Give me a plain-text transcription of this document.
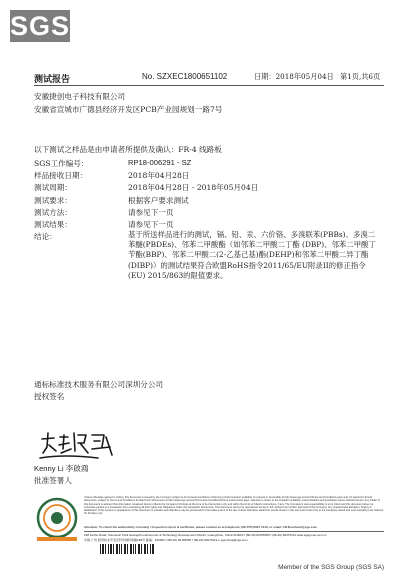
SGS
测试报告	No. SZXEC1800651102	日期：2018年05月04日 第1页,共6页
安徽捷创电子科技有限公司
安徽省宣城市广德县经济开发区PCB产业园规划一路7号
以下测试之样品是由申请者所提供及确认：FR-4 线路板
SGS工作编号：	RP18-006291 - SZ
样品接收日期：	2018年04月28日
测试周期：	2018年04月28日 - 2018年05月04日
测试要求：	根据客户要求测试
测试方法：	请参见下一页
测试结果：	请参见下一页
结论：	基于所送样品进行的测试，镉、铅、汞、六价铬、多溴联苯(PBBs)、多溴二苯醚(PBDEs)、邻苯二甲酸酯（如邻苯二甲酸二丁酯 (DBP)、邻苯二甲酸丁苄酯(BBP)、邻苯二甲酸二(2-乙基己基)酯(DEHP)和邻苯二甲酸二异丁酯(DIBP)）的测试结果符合欧盟RoHS指令2011/65/EU附录II的修正指令(EU) 2015/863的限值要求。
通标标准技术服务有限公司深圳分公司
授权签名
Kenny Li 李啟鴻
批准签署人
Unless otherwise agreed in writing, this document is issued by the Company subject to its General Conditions of Service printed overleaf, available on request or accessible at http://www.sgs.com/en/Terms-and-Conditions.aspx and, for electronic format documents, subject to Terms and Conditions for Electronic Documents at http://www.sgs.com/en/Terms-and-Conditions/Terms-e-Document.aspx. Attention is drawn to the limitation of liability, indemnification and jurisdiction issues defined therein. Any holder of this document is advised that information contained hereon reflects the Company's findings at the time of its intervention only and within the limits of Client's instructions, if any. The Company's sole responsibility is to its Client and this document does not exonerate parties to a transaction from exercising all their rights and obligations under the transaction documents. This document cannot be reproduced except in full, without prior written approval of the Company. Any unauthorized alteration, forgery or falsification of the content or appearance of this document is unlawful and offenders may be prosecuted to the fullest extent of the law. Unless otherwise stated the results shown in this test report refer only to the sample(s) tested and such sample(s) are retained for 30 days only.
Attention: To check the authenticity of testing / inspection report & certificate, please contact us at telephone: (86-755) 8307 1443, or email: CN.Doccheck@sgs.com
198 Kezhu Road, Scientech Park Guangzhou Economic & Technology Development District, Guangzhou, China 510663 t (86-20) 82155555 f (86-20) 82075113 www.sgsgroup.com.cn
中国·广州·经济技术开发区科学城科珠路198号 邮编：510663 t (86-20) 82155555 f (86-20) 82075113 e sgs.china@sgs.com
Member of the SGS Group (SGS SA)
